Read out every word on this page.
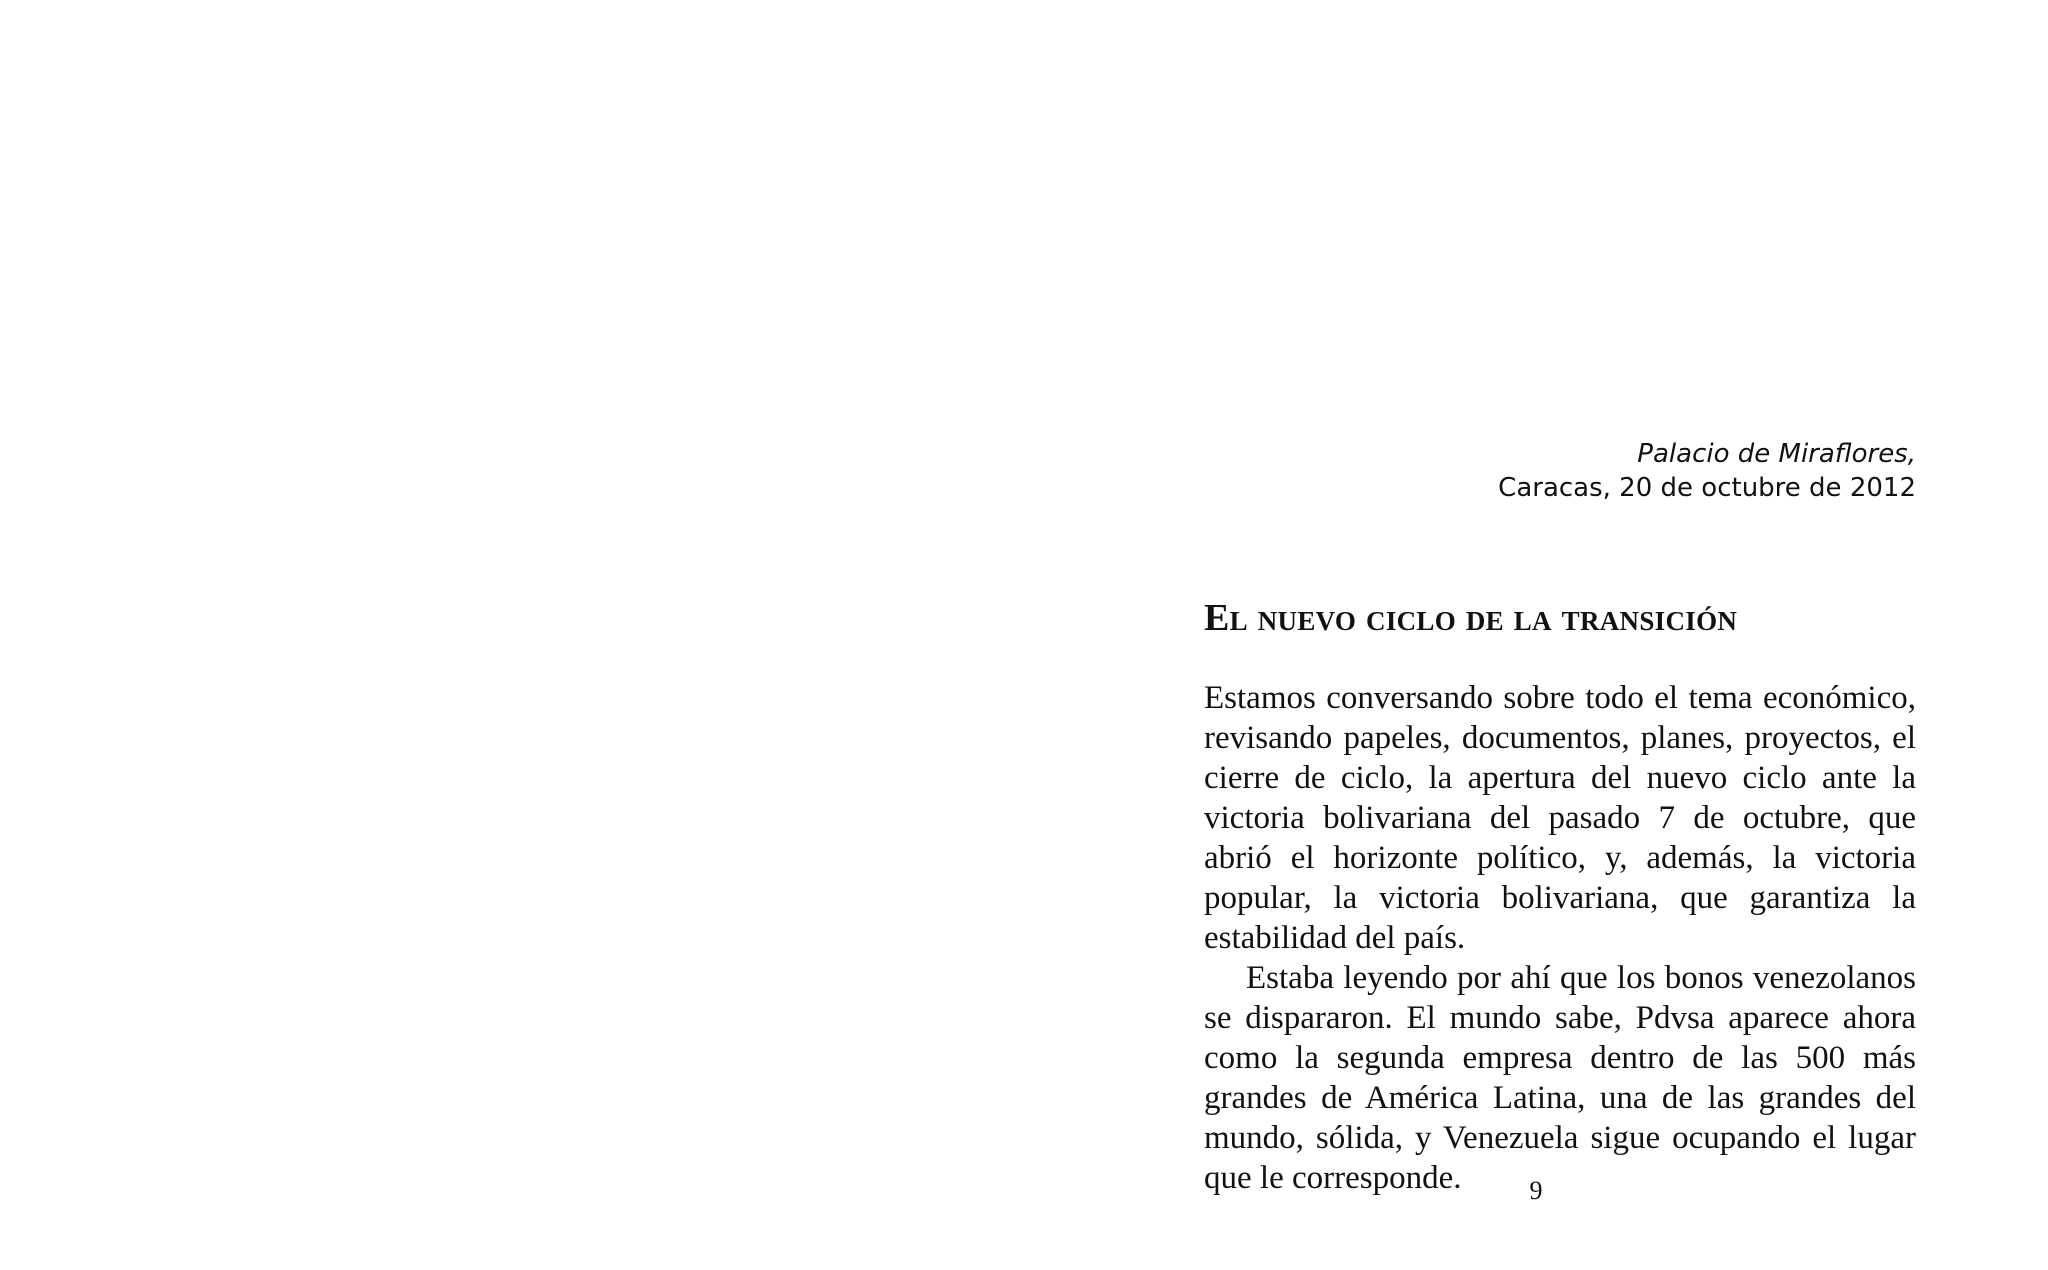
Palacio de Miraflores,
Caracas, 20 de octubre de 2012
El nuevo ciclo de la transición

Estamos conversando sobre todo el tema económico, revisando papeles, documentos, planes, proyectos, el cierre de ciclo, la apertura del nuevo ciclo ante la victoria bolivariana del pasado 7 de octubre, que abrió el horizonte político, y, además, la victoria popular, la victoria bolivariana, que garantiza la estabilidad del país.

Estaba leyendo por ahí que los bonos venezolanos se dispararon. El mundo sabe, Pdvsa aparece ahora como la segunda empresa dentro de las 500 más grandes de América Latina, una de las grandes del mundo, sólida, y Venezuela sigue ocupando el lugar que le corresponde.	9
